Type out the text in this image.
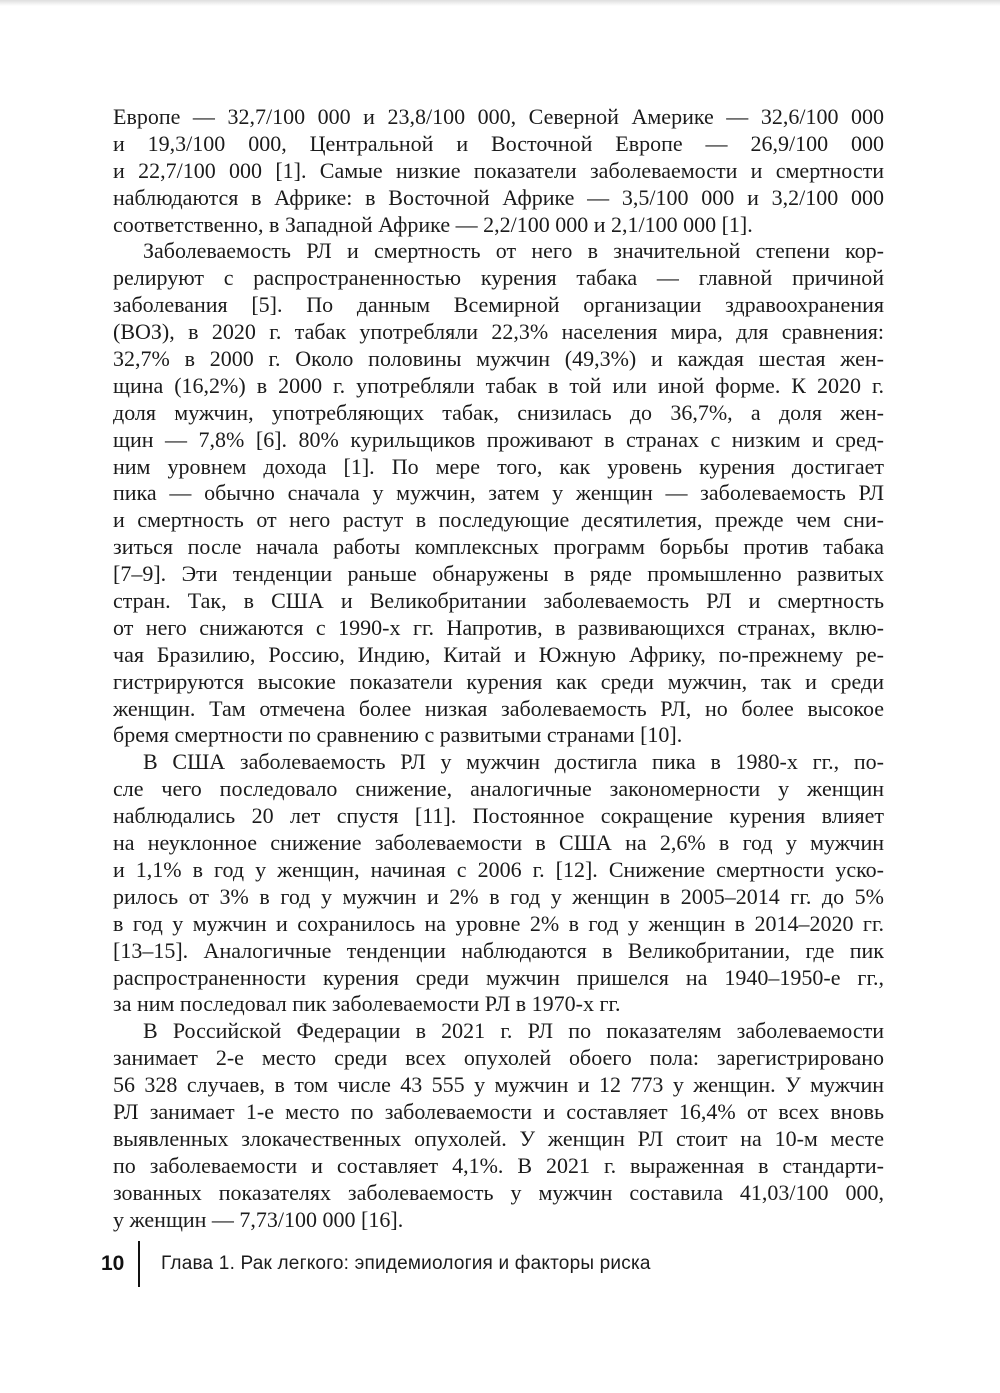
Европе — 32,7/100 000 и 23,8/100 000, Северной Америке — 32,6/100 000
и 19,3/100 000, Центральной и Восточной Европе — 26,9/100 000
и 22,7/100 000 [1]. Самые низкие показатели заболеваемости и смертности
наблюдаются в Африке: в Восточной Африке — 3,5/100 000 и 3,2/100 000
соответственно, в Западной Африке — 2,2/100 000 и 2,1/100 000 [1].
Заболеваемость РЛ и смертность от него в значительной степени кор-
релируют с распространенностью курения табака — главной причиной
заболевания [5]. По данным Всемирной организации здравоохранения
(ВОЗ), в 2020 г. табак употребляли 22,3% населения мира, для сравнения:
32,7% в 2000 г. Около половины мужчин (49,3%) и каждая шестая жен-
щина (16,2%) в 2000 г. употребляли табак в той или иной форме. К 2020 г.
доля мужчин, употребляющих табак, снизилась до 36,7%, а доля жен-
щин — 7,8% [6]. 80% курильщиков проживают в странах с низким и сред-
ним уровнем дохода [1]. По мере того, как уровень курения достигает
пика — обычно сначала у мужчин, затем у женщин — заболеваемость РЛ
и смертность от него растут в последующие десятилетия, прежде чем сни-
зиться после начала работы комплексных программ борьбы против табака
[7–9]. Эти тенденции раньше обнаружены в ряде промышленно развитых
стран. Так, в США и Великобритании заболеваемость РЛ и смертность
от него снижаются с 1990-х гг. Напротив, в развивающихся странах, вклю-
чая Бразилию, Россию, Индию, Китай и Южную Африку, по-прежнему ре-
гистрируются высокие показатели курения как среди мужчин, так и среди
женщин. Там отмечена более низкая заболеваемость РЛ, но более высокое
бремя смертности по сравнению с развитыми странами [10].
В США заболеваемость РЛ у мужчин достигла пика в 1980-х гг., по-
сле чего последовало снижение, аналогичные закономерности у женщин
наблюдались 20 лет спустя [11]. Постоянное сокращение курения влияет
на неуклонное снижение заболеваемости в США на 2,6% в год у мужчин
и 1,1% в год у женщин, начиная с 2006 г. [12]. Снижение смертности уско-
рилось от 3% в год у мужчин и 2% в год у женщин в 2005–2014 гг. до 5%
в год у мужчин и сохранилось на уровне 2% в год у женщин в 2014–2020 гг.
[13–15]. Аналогичные тенденции наблюдаются в Великобритании, где пик
распространенности курения среди мужчин пришелся на 1940–1950-е гг.,
за ним последовал пик заболеваемости РЛ в 1970-х гг.
В Российской Федерации в 2021 г. РЛ по показателям заболеваемости
занимает 2-е место среди всех опухолей обоего пола: зарегистрировано
56 328 случаев, в том числе 43 555 у мужчин и 12 773 у женщин. У мужчин
РЛ занимает 1-е место по заболеваемости и составляет 16,4% от всех вновь
выявленных злокачественных опухолей. У женщин РЛ стоит на 10-м месте
по заболеваемости и составляет 4,1%. В 2021 г. выраженная в стандарти-
зованных показателях заболеваемость у мужчин составила 41,03/100 000,
у женщин — 7,73/100 000 [16].
10 Глава 1. Рак легкого: эпидемиология и факторы риска
